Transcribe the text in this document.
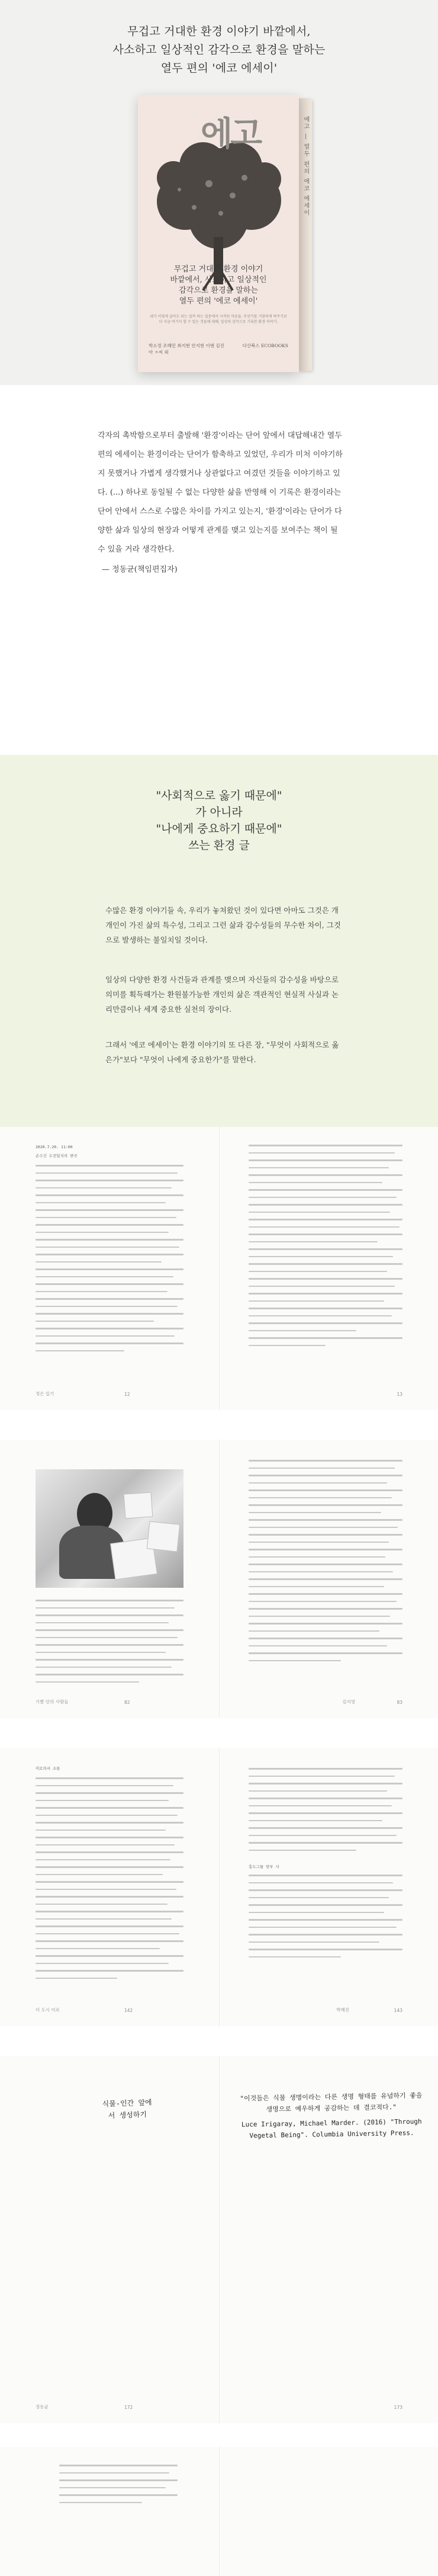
무겁고 거대한 환경 이야기 바깥에서,
사소하고 일상적인 감각으로 환경을 말하는
열두 편의 '에코 에세이'
에고 — 열두 편의 에코 에세이
에고
무겁고 거대한 환경 이야기
바깥에서, 사소하고 일상적인
감각으로 환경을 말하는
열두 편의 '에코 에세이'
내가 이렇게 살아도 되는 걸까 하는 질문에서 시작된 마음들. 무언가를 거창하게 바꾸기보다 지금 여기서 할 수 있는 것들에 대해, 일상의 감각으로 기록한 환경 이야기.
박소정 조혜민 최지현 안지현 이엔 김진아 ㅊ씨 외
다산북스 ECOBOOKS
각자의 촉박함으로부터 출발해 '환경'이라는 단어 앞에서 대답해내간 열두 편의 에세이는 환경이라는 단어가 함축하고 있었던, 우리가 미처 이야기하지 못했거나 가볍게 생각했거나 상관없다고 여겼던 것들을 이야기하고 있다. (...) 하나로 동일될 수 없는 다양한 삶을 반영해 이 기록은 환경이라는 단어 안에서 스스로 수많은 차이를 가지고 있는지, '환경'이라는 단어가 다양한 삶과 일상의 현장과 어떻게 관계를 맺고 있는지를 보여주는 책이 될 수 있을 거라 생각한다.
— 정동균(책임편집자)
"사회적으로 옳기 때문에"
가 아니라
"나에게 중요하기 때문에"
쓰는 환경 글
수많은 환경 이야기들 속, 우리가 놓쳐왔던 것이 있다면 아마도 그것은 개개인이 가진 삶의 특수성, 그리고 그런 삶과 감수성들의 무수한 차이, 그것으로 발생하는 불일치일 것이다.
일상의 다양한 환경 사건들과 관계를 맺으며 자신들의 감수성을 바탕으로 의미를 획득해가는 환원불가능한 개인의 삶은 객관적인 현실적 사실과 논리만큼이나 세계 중요한 실천의 장이다.
그래서 '에코 에세이'는 환경 이야기의 또 다른 장, "무엇이 사회적으로 옳은가"보다 "무엇이 나에게 중요한가"를 말한다.
2020.7.20. 11:00
손수건 도전일지의 변곡
정은 일기	12	13
기쁨 안의 사람들	82	김지영	83
미로의서 소통
더 도시 미로	142
흥도그물 맞부 사
박혜진	143
식물-인간 앞에서 생성하기
정동균	172
"이것들은 식물 생명이라는 다른 생명 형태를 유념하기 좋을 생명으로 예우하게 공감하는 데 결코적다."
Luce Irigaray, Michael Marder. (2016) "Through Vegetal Being". Columbia University Press.
173
